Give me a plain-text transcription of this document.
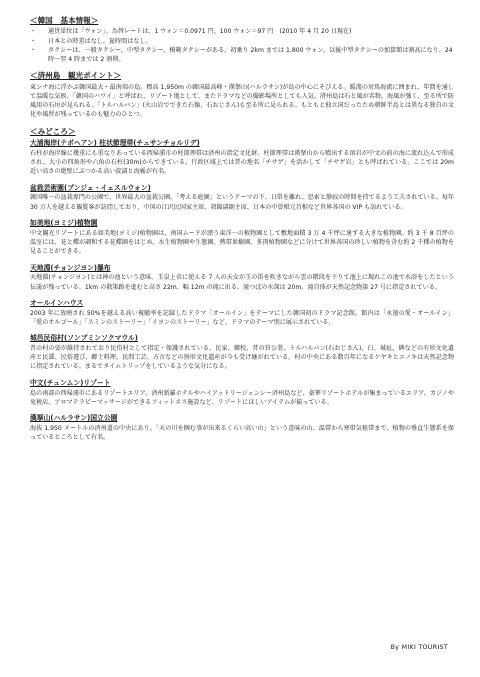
＜韓国　基本情報＞
・ 通貨単位は「ウォン」。為替レートは、1 ウォン＝0.0971 円、100 ウォン＝97 円　(2010 年 4 月 20 日現在)
・ 日本との時差はなし。夏時間はなし。
・ タクシーは、一般タクシー、中型タクシー、模範タクシーがある。初乗り 2km までは 1,800 ウォン、以後中型タクシーの加算額は割高になり、24 時〜翌 4 時までは 2 割増。
＜済州島　観光ポイント＞

東シナ海に浮かぶ韓国最大・最南端の島。標高 1,950m の韓国最高峰・漢拏山(ハルラサン)が島の中心にそびえる。暖流の対馬海流に囲まれ、年間を通して温暖な気候。「韓国のハワイ」と呼ばれ、リゾート地として、またドラマなどの撮影場所としても人気。済州島は石と風が名物。海風が強く、至る所で防風用の石垣が見られる。「トルハルバン」(火山岩でできた石像、石おじさん)も至る所に見られる。もともと独立国だったため朝鮮半島とは異なる独自の文化や風習が残っているのも魅力のひとつ。

＜みどころ＞
大浦海岸(テポヘアン) 柱状節理帯(チュサンチョルリデ)

石柱が海岸線に幾重にも重なりあっている西帰浦市の柱節理帯は済州の指定文化財。柱節理帯は漢拏山から噴出する溶岩が中文の前の海に流れ込んで形成され、大小の四角形や六角の石柱(30m)からできている。行政区域上では昔の地名「チサゲ」を活かして「チサゲ岩」とも呼ばれている。ここでは 20m 近い高さの絶壁にぶつかる高い波濤と海霧が有名。

盆栽芸術園(プンジェ・イェスルウォン)

韓国唯一の盆栽専門の公園で、世界最大の盆栽公園。「考える庭園」というテーマの下、日常を離れ、思索と静寂の時間を持てるよう工夫されている。毎年 30 万人を越える観覧客が訪問しており、中国の江沢民国家主席、胡錦濤副主席、日本の中曽根元首相など世界各国の VIP も訪れている。

如美地(ヨミジ)植物園

中文観光リゾートにある如美地(ヨミジ)植物園は、南国ムードが漂う東洋一の植物園として敷地面積 3 万 4 千坪に達する大きな植物園。約 3 千 8 百坪の温室には、花と蝶が調和する花蝶園をはじめ、水生植物園や生態園、熱帯果樹園、多肉植物園などに分けて世界各国の珍しい植物を含む約 2 千種の植物を見ることができる。

天地淵(チョンジヨン)瀑布

天地淵(チョンジヨン)とは神の池という意味。玉皇上帝に使える 7 人の天女が玉の笛を吹きながら雲の階段を下りて池上に現れこの池で水浴をしたという伝説が残っている。1km の散策路を進むと高さ 22m、幅 12m の滝に出る。滝つぼの水深は 20m。滝自体が天然記念物第 27 号に指定されている。

オールインハウス

2003 年に放映され 50%を越える高い視聴率を記録したドラマ「オールイン」をテーマにした韓国初のドラマ記念館。館内は「永遠の愛・オールイン」「愛のオルゴール」「スミンのストーリー」「イヨンのストーリー」など、ドラマのテーマ別に展示されている。

城邑民俗村(ソンプミンソクマウル)

昔の村の姿が維持されており民俗村として指定・保護されている。民家、郷校、昔の官公署、トルハルバン(石おじさん)、臼、城址、碑などの有形文化遺産と民謡、民俗遊び、郷土料理、民間工芸、方言などの無形文化遺産が今も受け継がれている。村の中央にある数百年になるケヤキとエノキは天然記念物に指定されている。まるでタイムトリップをしているような気分になる。

中文(チュンムン)リゾート

島の南部の西帰浦市にあるリゾートエリア。済州新羅ホテルやハイアットリージェンシー済州島など、豪華リゾートホテルが集まっているエリア。カジノや免税店、アロマテラピーマッサージができるフィットネス施設など、リゾートにほしいアイテムが揃っている。

漢拏山(ハルラサン)国立公園

海抜 1,950 メートルの済州道の中央にあり、「天の川を掴む事が出来るくらい高い山」という意味の山。温帯から寒帯気候帯まで、植物の垂直生態系を保っているところとして有名。

By MIKI TOURIST
